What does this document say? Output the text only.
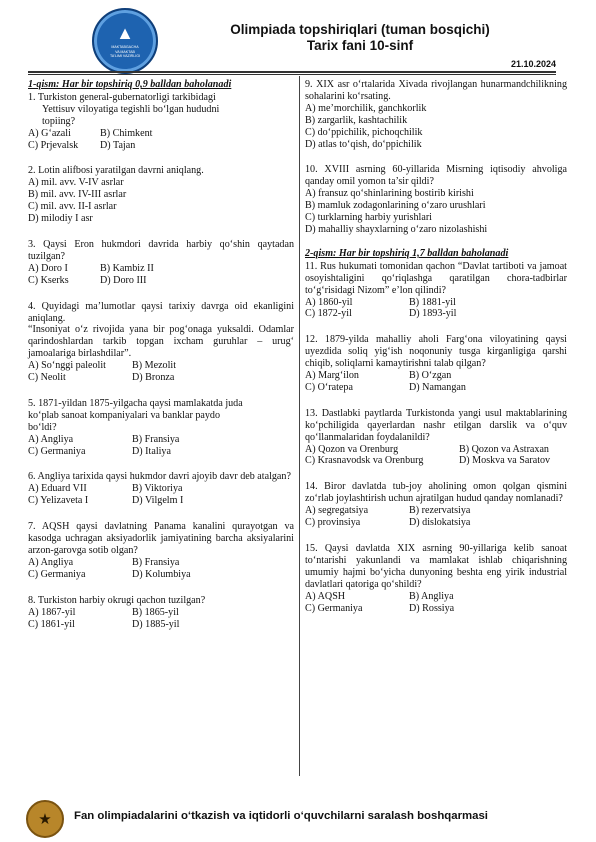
▲
MAKTABGACHA
VA MAKTAB
TA'LIMI VAZIRLIGI
Olimpiada topshiriqlari (tuman bosqichi)
Tarix fani 10-sinf
21.10.2024
1-qism: Har bir topshiriq 0,9 balldan baholanadi
1. Turkiston general-gubernatorligi tarkibidagi
Yettisuv viloyatiga tegishli bo‘lgan hududni
topiing?
A) G‘azali	B) Chimkent
C) Prjevalsk	D) Tajan
2. Lotin alifbosi yaratilgan davrni aniqlang.
A) mil. avv. V-IV asrlar
B) mil. avv. IV-III asrlar
C) mil. avv. II-I asrlar
D) milodiy I asr
3. Qaysi Eron hukmdori davrida harbiy qo‘shin qaytadan tuzilgan?
A) Doro I	B) Kambiz II
C) Kserks	D) Doro III
4. Quyidagi ma’lumotlar qaysi tarixiy davrga oid ekanligini aniqlang.
“Insoniyat o‘z rivojida yana bir pog‘onaga yuksaldi. Odamlar qarindoshlardan tarkib topgan ixcham guruhlar – urug‘ jamoalariga birlashdilar”.
A) So‘nggi paleolit	B) Mezolit
C) Neolit	D) Bronza
5. 1871-yildan 1875-yilgacha qaysi mamlakatda juda
ko‘plab sanoat kompaniyalari va banklar paydo
bo‘ldi?
A) Angliya	B) Fransiya
C) Germaniya	D) Italiya
6. Angliya tarixida qaysi hukmdor davri ajoyib davr deb atalgan?
A) Eduard VII	B) Viktoriya
C) Yelizaveta I	D) Vilgelm I
7. AQSH qaysi davlatning Panama kanalini qurayotgan va kasodga uchragan aksiyadorlik jamiyatining barcha aksiyalarini arzon-garovga sotib olgan?
A) Angliya	B) Fransiya
C) Germaniya	D) Kolumbiya
8. Turkiston harbiy okrugi qachon tuzilgan?
A) 1867-yil	B) 1865-yil
C) 1861-yil	D) 1885-yil
9. XIX asr o‘rtalarida Xivada rivojlangan hunarmandchilikning sohalarini ko‘rsating.
A) me’morchilik, ganchkorlik
B) zargarlik, kashtachilik
C) do‘ppichilik, pichoqchilik
D) atlas to‘qish, do‘ppichilik
10. XVIII asrning 60-yillarida Misrning iqtisodiy ahvoliga qanday omil yomon ta’sir qildi?
A) fransuz qo‘shinlarining bostirib kirishi
B) mamluk zodagonlarining o‘zaro urushlari
C) turklarning harbiy yurishlari
D) mahalliy shayxlarning o‘zaro nizolashishi
2-qism: Har bir topshiriq 1,7 balldan baholanadi
11. Rus hukumati tomonidan qachon “Davlat tartiboti va jamoat osoyishtaligini qo‘riqlashga qaratilgan chora-tadbirlar to‘g‘risidagi Nizom” e’lon qilindi?
A) 1860-yil	B) 1881-yil
C) 1872-yil	D) 1893-yil
12. 1879-yilda mahalliy aholi Farg‘ona viloyatining qaysi uyezdida soliq yig‘ish noqonuniy tusga kirganligiga qarshi chiqib, soliqlarni kamaytirishni talab qilgan?
A) Marg‘ilon	B) O‘zgan
C) O‘ratepa	D) Namangan
13. Dastlabki paytlarda Turkistonda yangi usul maktablarining ko‘pchiligida qayerlardan nashr etilgan darslik va o‘quv qo‘llanmalaridan foydalanildi?
A) Qozon va Orenburg	B) Qozon va Astraxan
C) Krasnavodsk va Orenburg	D) Moskva va Saratov
14. Biror davlatda tub-joy aholining omon qolgan qismini zo‘rlab joylashtirish uchun ajratilgan hudud qanday nomlanadi?
A) segregatsiya	B) rezervatsiya
C) provinsiya	D) dislokatsiya
15. Qaysi davlatda XIX asrning 90-yillariga kelib sanoat to‘ntarishi yakunlandi va mamlakat ishlab chiqarishning umumiy hajmi bo‘yicha dunyoning beshta eng yirik industrial davlatlari qatoriga qo‘shildi?
A) AQSH	B) Angliya
C) Germaniya	D) Rossiya
★	Fan olimpiadalarini o‘tkazish va iqtidorli o‘quvchilarni saralash boshqarmasi
